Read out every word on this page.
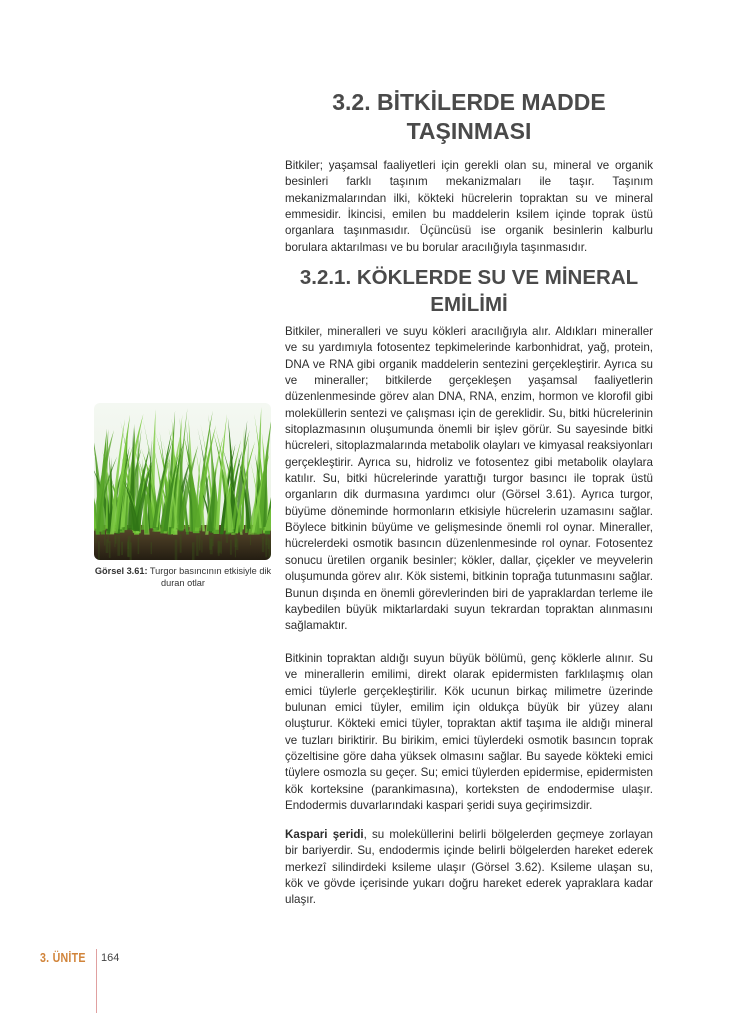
3.2. BİTKİLERDE MADDE
TAŞINMASI

Bitkiler; yaşamsal faaliyetleri için gerekli olan su, mineral ve organik besinleri farklı taşınım mekanizmaları ile taşır. Taşınım mekanizmalarından ilki, kökteki hücrelerin topraktan su ve mineral emmesidir. İkincisi, emilen bu maddelerin ksilem içinde toprak üstü organlara taşınmasıdır. Üçüncüsü ise organik besinlerin kalburlu borulara aktarılması ve bu borular aracılığıyla taşınmasıdır.

3.2.1. KÖKLERDE SU VE MİNERAL
EMİLİMİ

Bitkiler, mineralleri ve suyu kökleri aracılığıyla alır. Aldıkları mineraller ve su yardımıyla fotosentez tepkimelerinde karbonhidrat, yağ, protein, DNA ve RNA gibi organik maddelerin sentezini gerçekleştirir. Ayrıca su ve mineraller; bitkilerde gerçekleşen yaşamsal faaliyetlerin düzenlenmesinde görev alan DNA, RNA, enzim, hormon ve klorofil gibi moleküllerin sentezi ve çalışması için de gereklidir. Su, bitki hücrelerinin sitoplazmasının oluşumunda önemli bir işlev görür. Su sayesinde bitki hücreleri, sitoplazmalarında metabolik olayları ve kimyasal reaksiyonları gerçekleştirir. Ayrıca su, hidroliz ve fotosentez gibi metabolik olaylara katılır. Su, bitki hücrelerinde yarattığı turgor basıncı ile toprak üstü organların dik durmasına yardımcı olur (Görsel 3.61). Ayrıca turgor, büyüme döneminde hormonların etkisiyle hücrelerin uzamasını sağlar. Böylece bitkinin büyüme ve gelişmesinde önemli rol oynar. Mineraller, hücrelerdeki osmotik basıncın düzenlenmesinde rol oynar. Fotosentez sonucu üretilen organik besinler; kökler, dallar, çiçekler ve meyvelerin oluşumunda görev alır. Kök sistemi, bitkinin toprağa tutunmasını sağlar. Bunun dışında en önemli görevlerinden biri de yapraklardan terleme ile kaybedilen büyük miktarlardaki suyun tekrardan topraktan alınmasını sağlamaktır.

Bitkinin topraktan aldığı suyun büyük bölümü, genç köklerle alınır. Su ve minerallerin emilimi, direkt olarak epidermisten farklılaşmış olan emici tüylerle gerçekleştirilir. Kök ucunun birkaç milimetre üzerinde bulunan emici tüyler, emilim için oldukça büyük bir yüzey alanı oluşturur. Kökteki emici tüyler, topraktan aktif taşıma ile aldığı mineral ve tuzları biriktirir. Bu birikim, emici tüylerdeki osmotik basıncın toprak çözeltisine göre daha yüksek olmasını sağlar. Bu sayede kökteki emici tüylere osmozla su geçer. Su; emici tüylerden epidermise, epidermisten kök korteksine (parankimasına), korteksten de endodermise ulaşır. Endodermis duvarlarındaki kaspari şeridi suya geçirimsizdir.

Kaspari şeridi, su moleküllerini belirli bölgelerden geçmeye zorlayan bir bariyerdir. Su, endodermis içinde belirli bölgelerden hareket ederek merkezî silindirdeki ksileme ulaşır (Görsel 3.62). Ksileme ulaşan su, kök ve gövde içerisinde yukarı doğru hareket ederek yapraklara kadar ulaşır.

Görsel 3.61: Turgor basıncının etkisiyle dik duran otlar
3. ÜNİTE 164
